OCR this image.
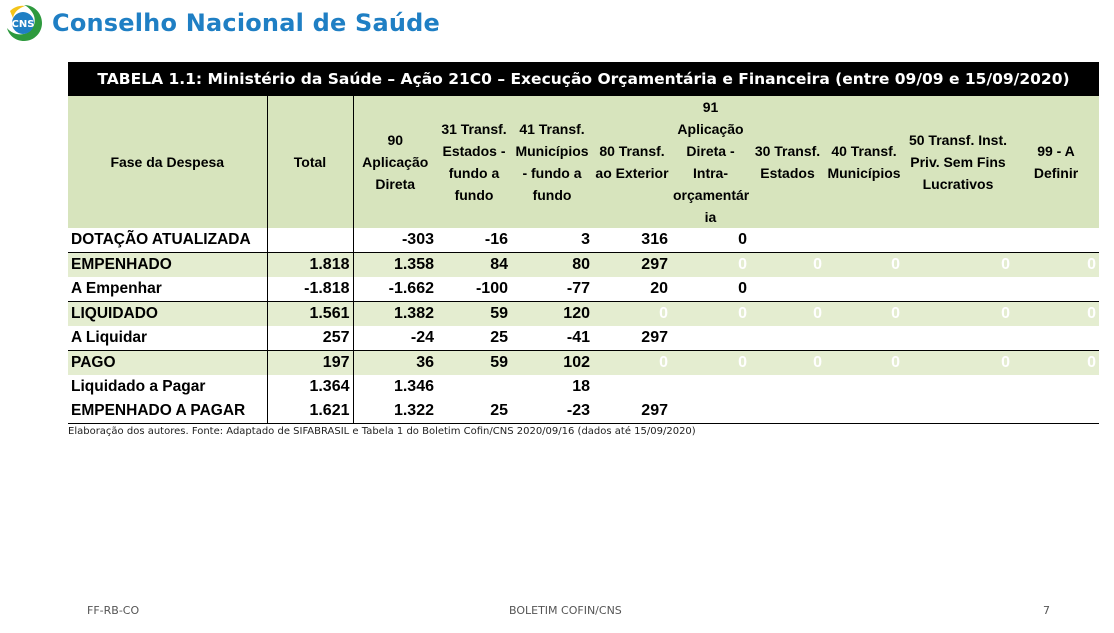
CNS Conselho Nacional de Saúde
TABELA 1.1: Ministério da Saúde – Ação 21C0 – Execução Orçamentária e Financeira (entre 09/09 e 15/09/2020)
Fase da Despesa	Total	90 Aplicação Direta	31 Transf. Estados - fundo a fundo	41 Transf. Municípios - fundo a fundo	80 Transf. ao Exterior	91 Aplicação Direta - Intra-orçamentár ia	30 Transf. Estados	40 Transf. Municípios	50 Transf. Inst. Priv. Sem Fins Lucrativos	99 - A Definir	
DOTAÇÃO ATUALIZADA		-303	-16	3	316	0					
EMPENHADO	1.818	1.358	84	80	297	0	0	0	0	0	
A Empenhar	-1.818	-1.662	-100	-77	20	0					
LIQUIDADO	1.561	1.382	59	120	0	0	0	0	0	0	
A Liquidar	257	-24	25	-41	297						
PAGO	197	36	59	102	0	0	0	0	0	0	
Liquidado a Pagar	1.364	1.346		18							
EMPENHADO A PAGAR	1.621	1.322	25	-23	297						
Elaboração dos autores. Fonte: Adaptado de SIFABRASIL e Tabela 1 do Boletim Cofin/CNS 2020/09/16 (dados até 15/09/2020)
FF-RB-CO	BOLETIM COFIN/CNS	7
